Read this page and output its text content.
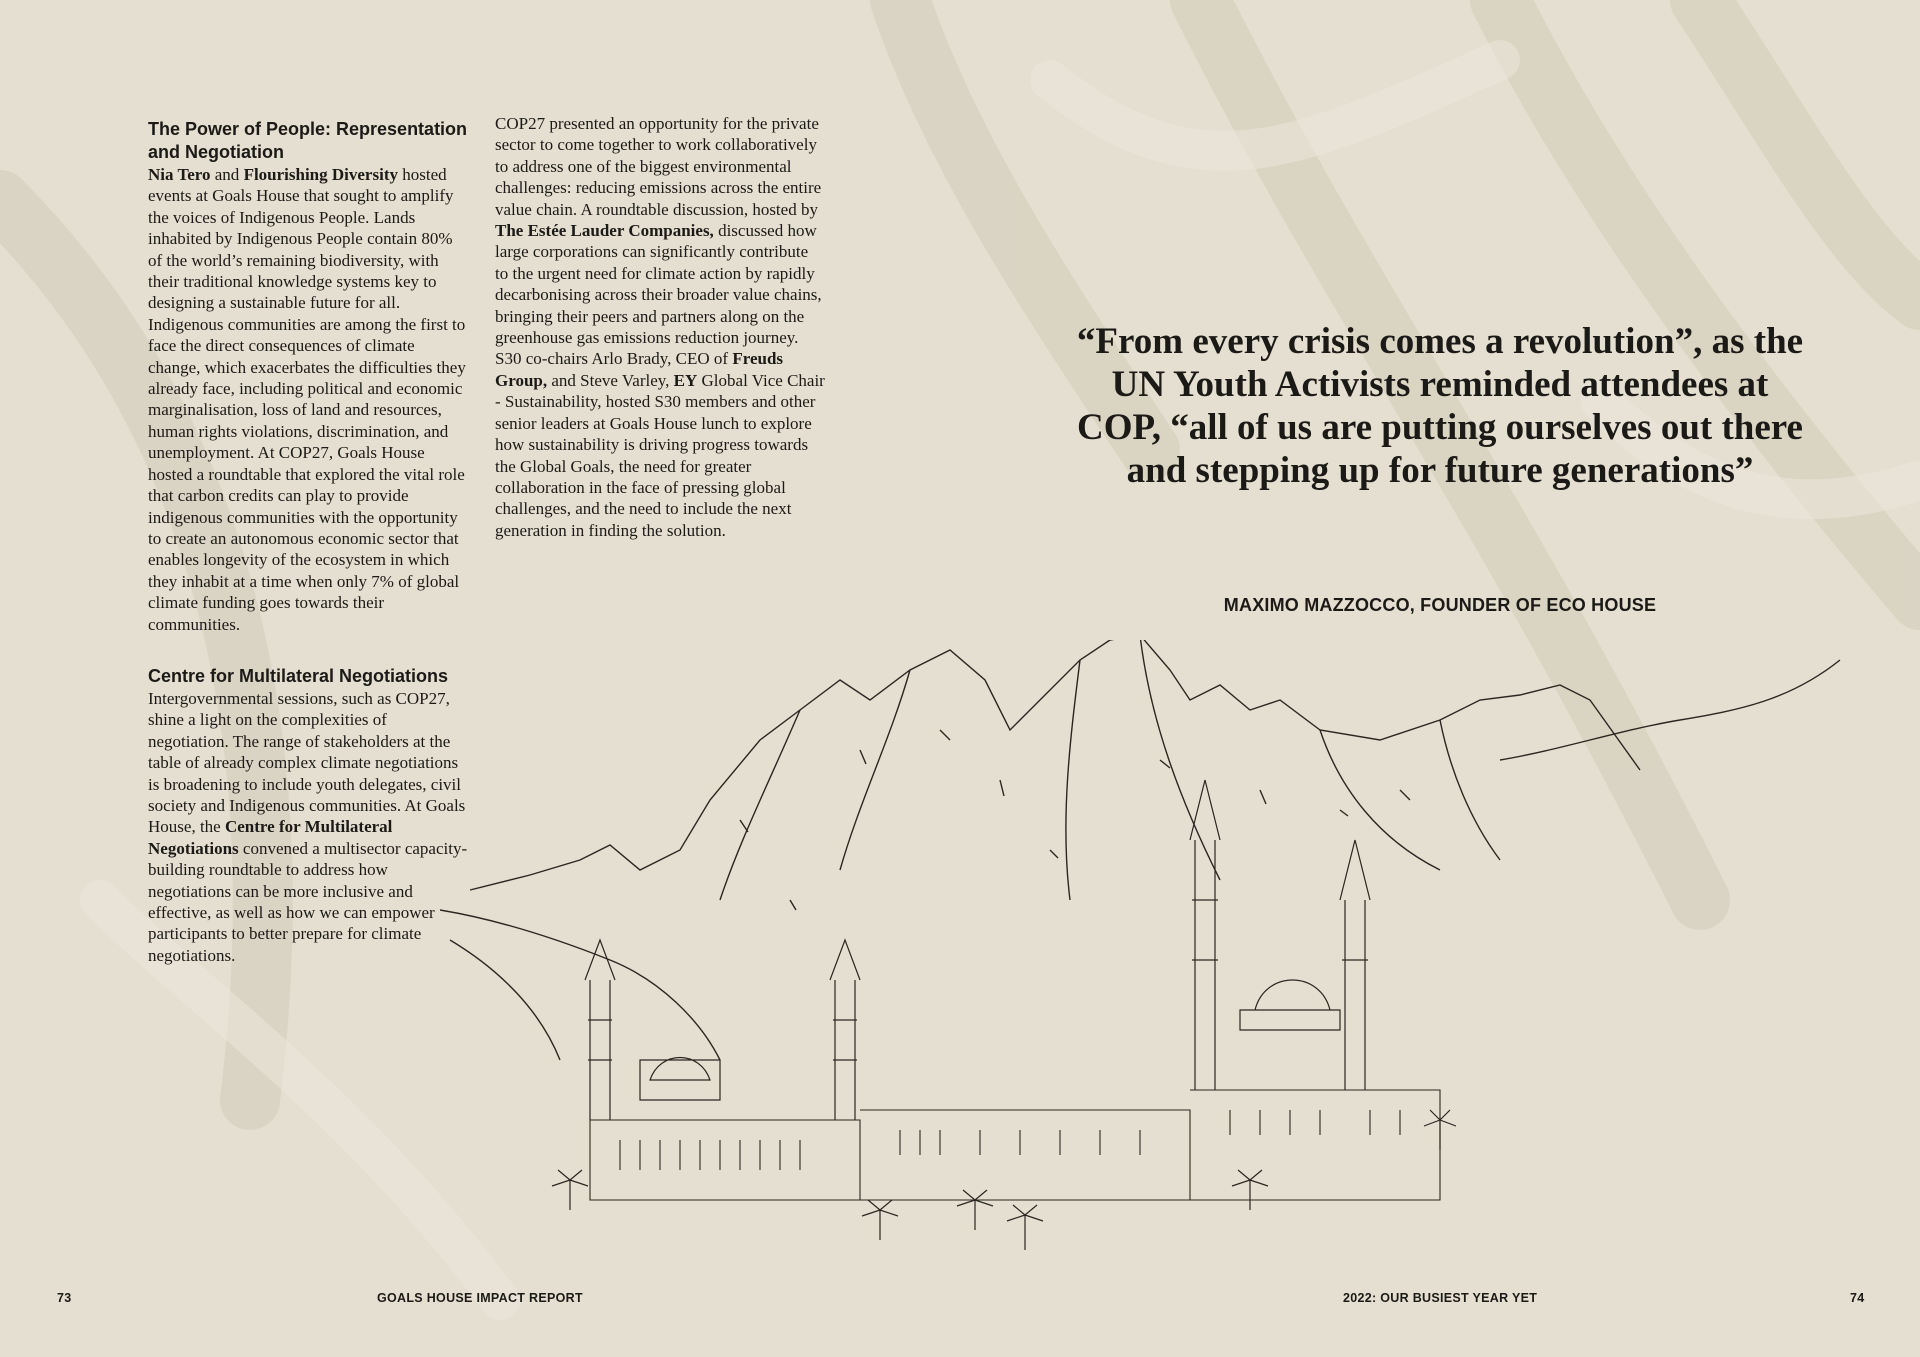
The Power of People: Representation and Negotiation

Nia Tero and Flourishing Diversity hosted events at Goals House that sought to amplify the voices of Indigenous People. Lands inhabited by Indigenous People contain 80% of the world’s remaining biodiversity, with their traditional knowledge systems key to designing a sustainable future for all. Indigenous communities are among the first to face the direct consequences of climate change, which exacerbates the difficulties they already face, including political and economic marginalisation, loss of land and resources, human rights violations, discrimination, and unemployment. At COP27, Goals House hosted a roundtable that explored the vital role that carbon credits can play to provide indigenous communities with the opportunity to create an autonomous economic sector that enables longevity of the ecosystem in which they inhabit at a time when only 7% of global climate funding goes towards their communities.

Centre for Multilateral Negotiations

Intergovernmental sessions, such as COP27, shine a light on the complexities of negotiation. The range of stakeholders at the table of already complex climate negotiations is broadening to include youth delegates, civil society and Indigenous communities. At Goals House, the Centre for Multilateral Negotiations convened a multisector capacity-building roundtable to address how negotiations can be more inclusive and effective, as well as how we can empower participants to better prepare for climate negotiations.

COP27 presented an opportunity for the private sector to come together to work collaboratively to address one of the biggest environmental challenges: reducing emissions across the entire value chain. A roundtable discussion, hosted by The Estée Lauder Companies, discussed how large corporations can significantly contribute to the urgent need for climate action by rapidly decarbonising across their broader value chains, bringing their peers and partners along on the greenhouse gas emissions reduction journey. S30 co-chairs Arlo Brady, CEO of Freuds Group, and Steve Varley, EY Global Vice Chair - Sustainability, hosted S30 members and other senior leaders at Goals House lunch to explore how sustainability is driving progress towards the Global Goals, the need for greater collaboration in the face of pressing global challenges, and the need to include the next generation in finding the solution.

“From every crisis comes a revolution”, as the UN Youth Activists reminded attendees at COP, “all of us are putting ourselves out there and stepping up for future generations”
MAXIMO MAZZOCCO, FOUNDER OF ECO HOUSE
73	GOALS HOUSE IMPACT REPORT	2022: OUR BUSIEST YEAR YET	74
